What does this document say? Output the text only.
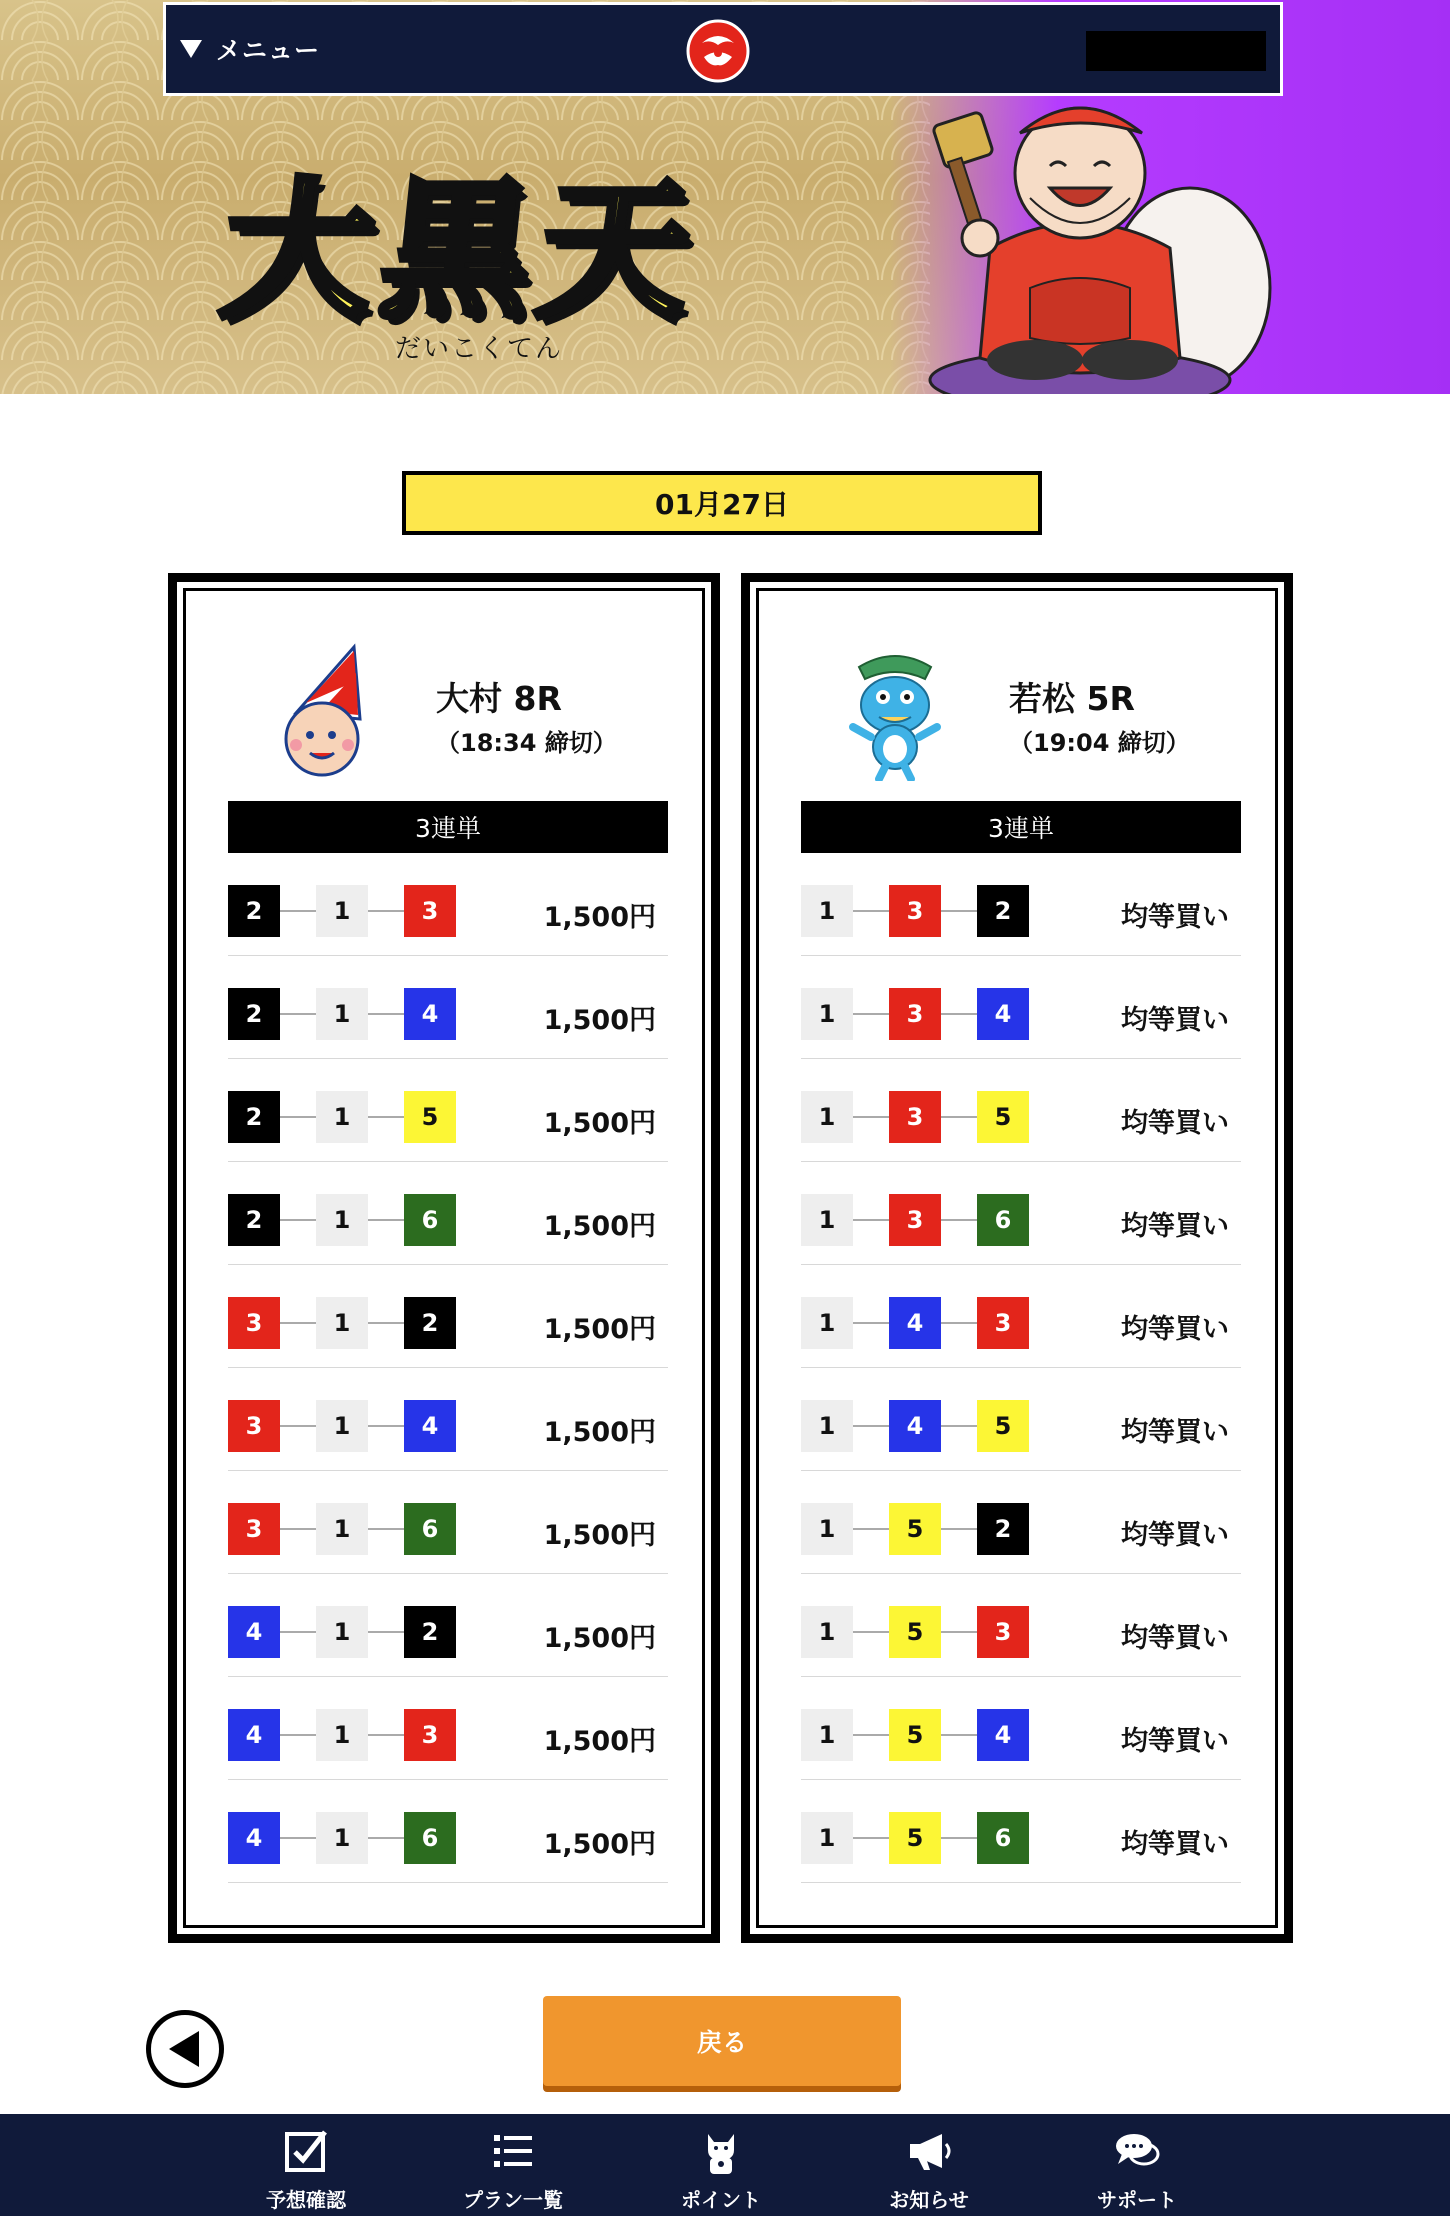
メニュー
大黒天
だいこくてん
01月27日
大村 8R
（18:34 締切）
3連単
2	1	3	1,500円
2	1	4	1,500円
2	1	5	1,500円
2	1	6	1,500円
3	1	2	1,500円
3	1	4	1,500円
3	1	6	1,500円
4	1	2	1,500円
4	1	3	1,500円
4	1	6	1,500円
若松 5R
（19:04 締切）
3連単
1	3	2	均等買い
1	3	4	均等買い
1	3	5	均等買い
1	3	6	均等買い
1	4	3	均等買い
1	4	5	均等買い
1	5	2	均等買い
1	5	3	均等買い
1	5	4	均等買い
1	5	6	均等買い
戻る
予想確認	プラン一覧	ポイント	お知らせ	サポート
